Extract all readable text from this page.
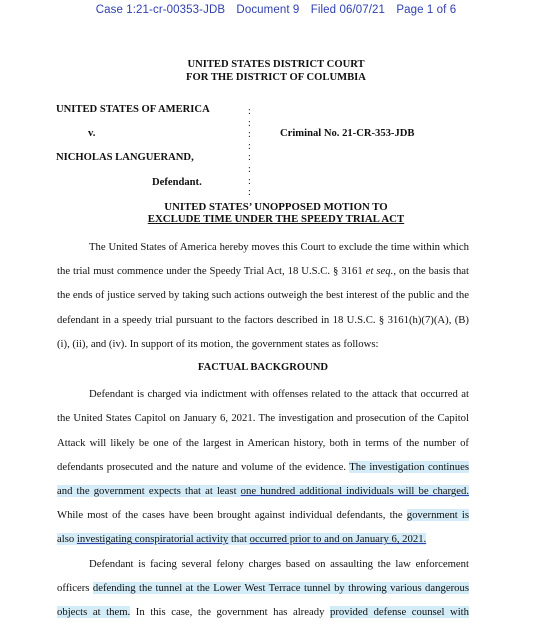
Case 1:21-cr-00353-JDB Document 9 Filed 06/07/21 Page 1 of 6
UNITED STATES DISTRICT COURT
FOR THE DISTRICT OF COLUMBIA
UNITED STATES OF AMERICA
v.
NICHOLAS LANGUERAND,
Defendant.
:
:
:
:
:
:
:
:
Criminal No. 21-CR-353-JDB
UNITED STATES’ UNOPPOSED MOTION TO
EXCLUDE TIME UNDER THE SPEEDY TRIAL ACT

The United States of America hereby moves this Court to exclude the time within which the trial must commence under the Speedy Trial Act, 18 U.S.C. § 3161 et seq., on the basis that the ends of justice served by taking such actions outweigh the best interest of the public and the defendant in a speedy trial pursuant to the factors described in 18 U.S.C. § 3161(h)(7)(A), (B)(i), (ii), and (iv). In support of its motion, the government states as follows:

FACTUAL BACKGROUND

Defendant is charged via indictment with offenses related to the attack that occurred at the United States Capitol on January 6, 2021. The investigation and prosecution of the Capitol Attack will likely be one of the largest in American history, both in terms of the number of defendants prosecuted and the nature and volume of the evidence. The investigation continues and the government expects that at least one hundred additional individuals will be charged. While most of the cases have been brought against individual defendants, the government is also investigating conspiratorial activity that occurred prior to and on January 6, 2021.

Defendant is facing several felony charges based on assaulting the law enforcement officers defending the tunnel at the Lower West Terrace tunnel by throwing various dangerous objects at them. In this case, the government has already provided defense counsel with
